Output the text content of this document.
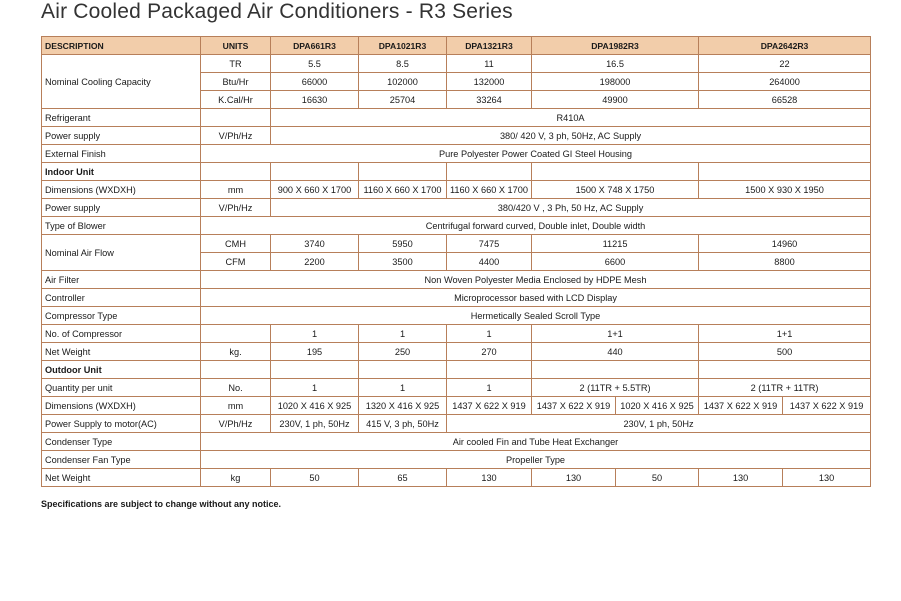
Air Cooled Packaged Air Conditioners - R3 Series
DESCRIPTION	UNITS	DPA661R3	DPA1021R3	DPA1321R3	DPA1982R3		DPA2642R3	
Nominal Cooling Capacity	TR	5.5	8.5	11	16.5		22	
	Btu/Hr	66000	102000	132000	198000		264000	
	K.Cal/Hr	16630	25704	33264	49900		66528	
Refrigerant		R410A						
Power supply	V/Ph/Hz	380/ 420 V, 3 ph, 50Hz, AC Supply						
External Finish	Pure Polyester Power Coated GI Steel Housing							
Indoor Unit								
Dimensions (WXDXH)	mm	900 X 660 X 1700	1160 X 660 X 1700	1160 X 660 X 1700	1500 X 748 X 1750		1500 X 930 X 1950	
Power supply	V/Ph/Hz	380/420 V , 3 Ph, 50 Hz, AC Supply						
Type of Blower	Centrifugal forward curved, Double inlet, Double width							
Nominal Air Flow	CMH	3740	5950	7475	11215		14960	
	CFM	2200	3500	4400	6600		8800	
Air Filter	Non Woven Polyester Media Enclosed by HDPE Mesh							
Controller	Microprocessor based with LCD Display							
Compressor Type	Hermetically Sealed Scroll Type							
No. of Compressor		1	1	1	1+1		1+1	
Net Weight	kg.	195	250	270	440		500	
Outdoor Unit								
Quantity per unit	No.	1	1	1	2 (11TR + 5.5TR)		2 (11TR + 11TR)	
Dimensions (WXDXH)	mm	1020 X 416 X 925	1320 X 416 X 925	1437 X 622 X 919	1437 X 622 X 919	1020 X 416 X 925	1437 X 622 X 919	1437 X 622 X 919
Power Supply to motor(AC)	V/Ph/Hz	230V, 1 ph, 50Hz	415 V, 3 ph, 50Hz	230V, 1 ph, 50Hz				
Condenser Type	Air cooled Fin and Tube Heat Exchanger							
Condenser Fan Type	Propeller Type							
Net Weight	kg	50	65	130	130	50	130	130
Specifications are subject to change without any notice.
